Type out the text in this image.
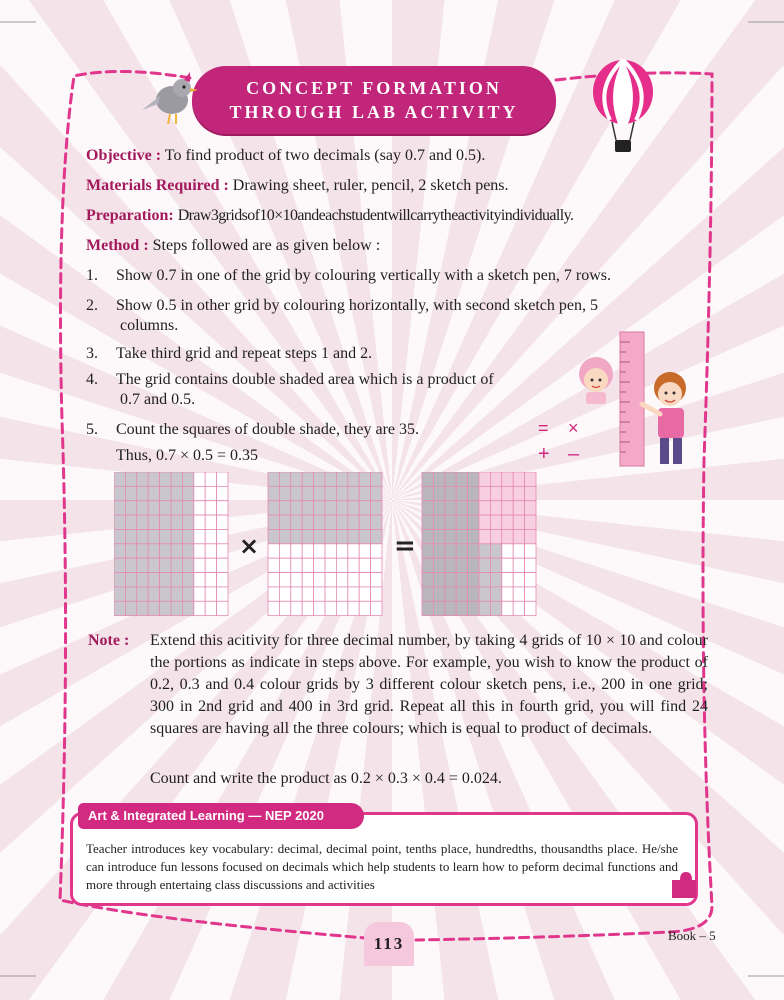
CONCEPT FORMATION
THROUGH LAB ACTIVITY
Objective : To find product of two decimals (say 0.7 and 0.5).
Materials Required : Drawing sheet, ruler, pencil, 2 sketch pens.
Preparation: Draw3gridsof10×10andeachstudentwillcarrytheactivityindividually.
Method : Steps followed are as given below :
1. Show 0.7 in one of the grid by colouring vertically with a sketch pen, 7 rows.
2. Show 0.5 in other grid by colouring horizontally, with second sketch pen, 5
columns.
3. Take third grid and repeat steps 1 and 2.
4. The grid contains double shaded area which is a product of
0.7 and 0.5.
5. Count the squares of double shade, they are 35.
Thus, 0.7 × 0.5 = 0.35
= ×
+ –
×	=
Note : Extend this acitivity for three decimal number, by taking 4 grids of 10 × 10 and colour the portions as indicate in steps above. For example, you wish to know the product of 0.2, 0.3 and 0.4 colour grids by 3 different colour sketch pens, i.e., 200 in one grid; 300 in 2nd grid and 400 in 3rd grid. Repeat all this in fourth grid, you will find 24 squares are having all the three colours; which is equal to product of decimals.
Count and write the product as 0.2 × 0.3 × 0.4 = 0.024.
Art & Integrated Learning — NEP 2020
Teacher introduces key vocabulary: decimal, decimal point, tenths place, hundredths, thousandths place. He/she can introduce fun lessons focused on decimals which help students to learn how to peform decimal functions and more through entertaing class discussions and activities
113	Book – 5
